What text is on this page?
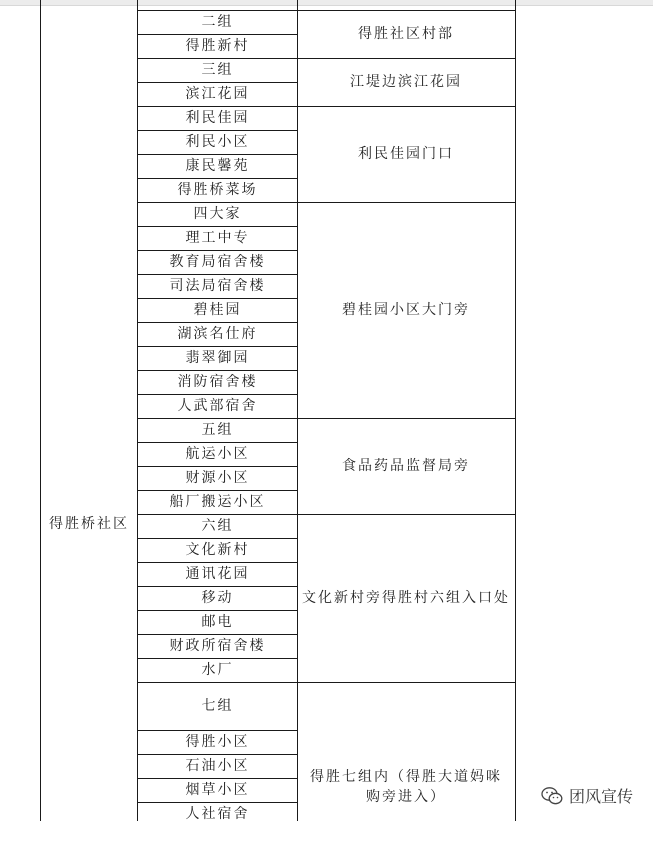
二组
得胜新村
得胜社区村部
三组
滨江花园
江堤边滨江花园
利民佳园
利民小区
康民馨苑
得胜桥菜场
利民佳园门口
四大家
理工中专
教育局宿舍楼
司法局宿舍楼
碧桂园
湖滨名仕府
翡翠御园
消防宿舍楼
人武部宿舍
碧桂园小区大门旁
五组
航运小区
财源小区
船厂搬运小区
食品药品监督局旁
六组
文化新村
通讯花园
移动
邮电
财政所宿舍楼
水厂
文化新村旁得胜村六组入口处
七组
得胜小区
石油小区
烟草小区
人社宿舍
得胜七组内（得胜大道妈咪购旁进入）
得胜桥社区
团风宣传
